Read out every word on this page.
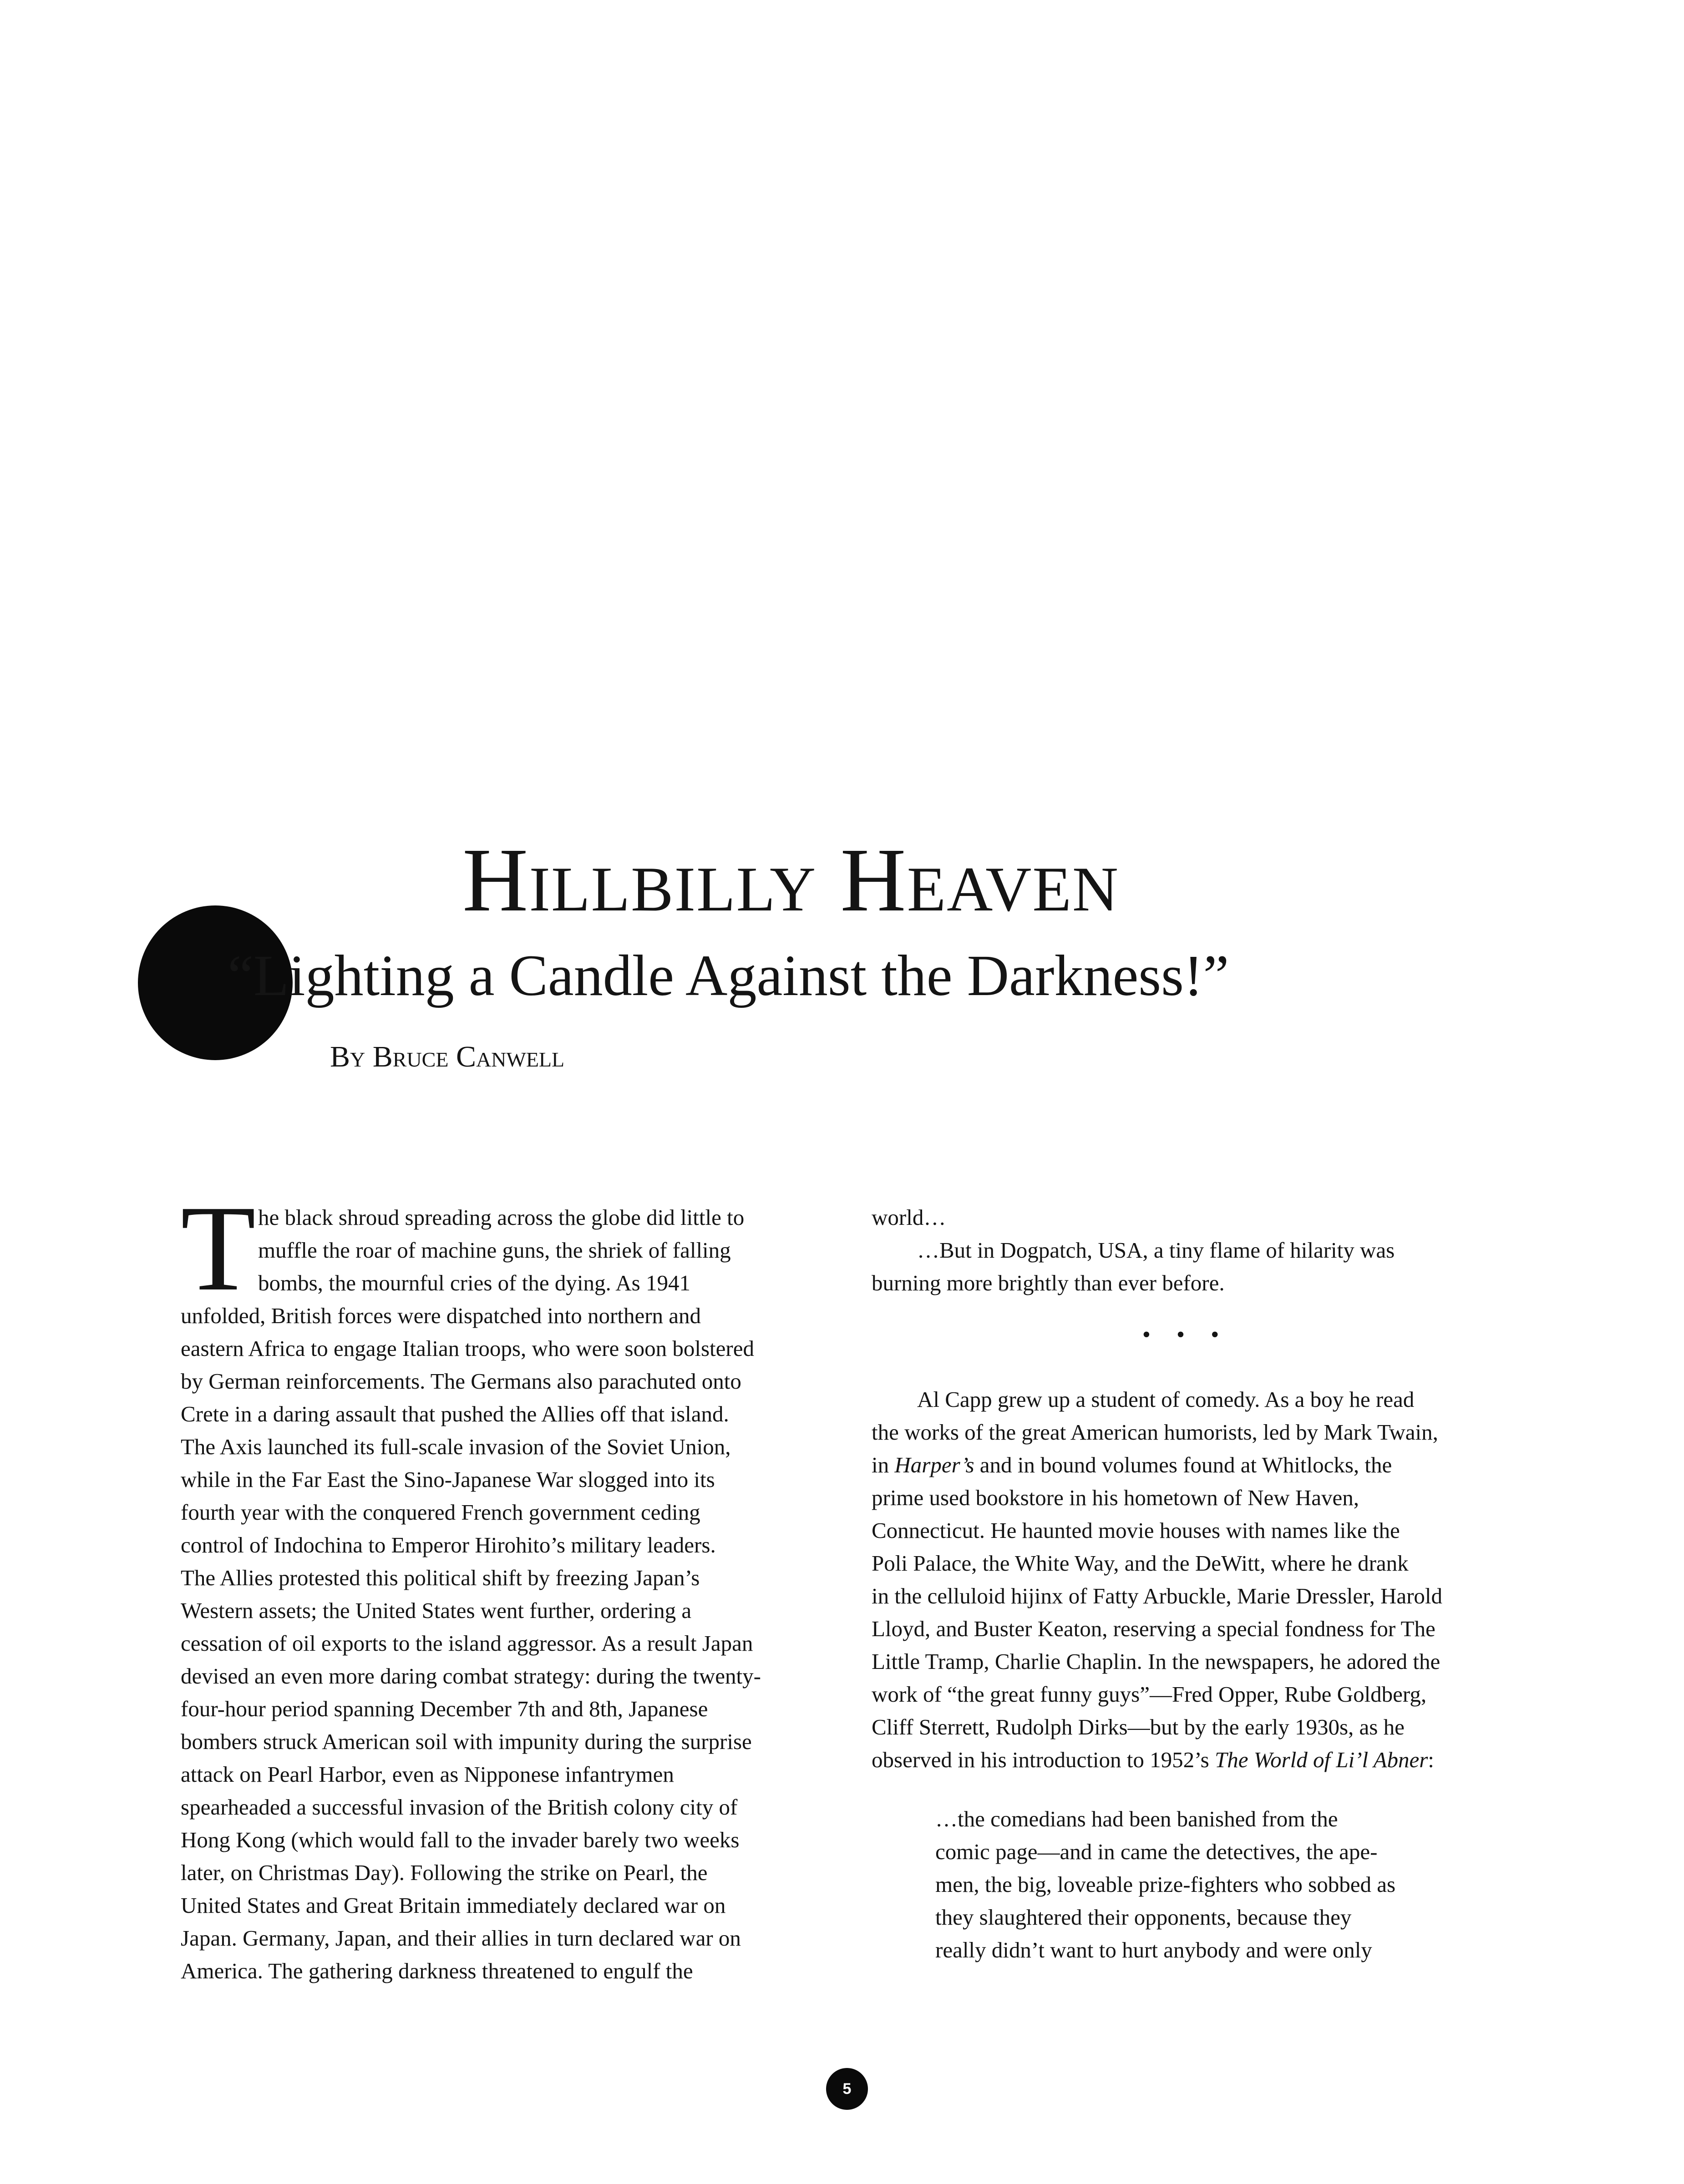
Hillbilly Heaven
“Lighting a Candle Against the Darkness!”
By Bruce Canwell
T he black shroud spreading across the globe did little to
muffle the roar of machine guns, the shriek of falling
bombs, the mournful cries of the dying. As 1941
unfolded, British forces were dispatched into northern and
eastern Africa to engage Italian troops, who were soon bolstered
by German reinforcements. The Germans also parachuted onto
Crete in a daring assault that pushed the Allies off that island.
The Axis launched its full-scale invasion of the Soviet Union,
while in the Far East the Sino-Japanese War slogged into its
fourth year with the conquered French government ceding
control of Indochina to Emperor Hirohito’s military leaders.
The Allies protested this political shift by freezing Japan’s
Western assets; the United States went further, ordering a
cessation of oil exports to the island aggressor. As a result Japan
devised an even more daring combat strategy: during the twenty-
four-hour period spanning December 7th and 8th, Japanese
bombers struck American soil with impunity during the surprise
attack on Pearl Harbor, even as Nipponese infantrymen
spearheaded a successful invasion of the British colony city of
Hong Kong (which would fall to the invader barely two weeks
later, on Christmas Day). Following the strike on Pearl, the
United States and Great Britain immediately declared war on
Japan. Germany, Japan, and their allies in turn declared war on
America. The gathering darkness threatened to engulf the
world…
…But in Dogpatch, USA, a tiny flame of hilarity was
burning more brightly than ever before.

• • •

Al Capp grew up a student of comedy. As a boy he read
the works of the great American humorists, led by Mark Twain,
in Harper’s and in bound volumes found at Whitlocks, the
prime used bookstore in his hometown of New Haven,
Connecticut. He haunted movie houses with names like the
Poli Palace, the White Way, and the DeWitt, where he drank
in the celluloid hijinx of Fatty Arbuckle, Marie Dressler, Harold
Lloyd, and Buster Keaton, reserving a special fondness for The
Little Tramp, Charlie Chaplin. In the newspapers, he adored the
work of “the great funny guys”—Fred Opper, Rube Goldberg,
Cliff Sterrett, Rudolph Dirks—but by the early 1930s, as he
observed in his introduction to 1952’s The World of Li’l Abner:
…the comedians had been banished from the
comic page—and in came the detectives, the ape-
men, the big, loveable prize-fighters who sobbed as
they slaughtered their opponents, because they
really didn’t want to hurt anybody and were only
5
